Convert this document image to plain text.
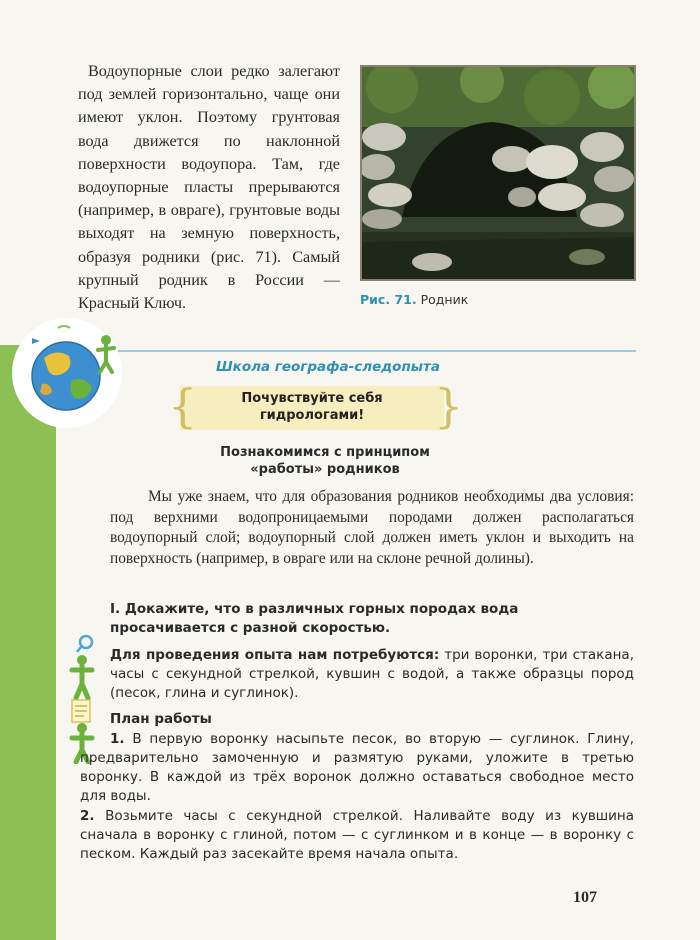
Водоупорные слои редко залегают под землей горизонтально, чаще они имеют уклон. Поэтому грунтовая вода движется по наклонной поверхности водоупора. Там, где водоупорные пласты прерываются (например, в овраге), грунтовые воды выходят на земную поверхность, образуя родники (рис. 71). Самый крупный родник в России — Красный Ключ.	Рис. 71. Родник
Школа географа-следопыта
{	}
Почувствуйте себя
гидрологами!
Познакомимся с принципом
«работы» родников

Мы уже знаем, что для образования родников необходимы два условия: под верхними водопроницаемыми породами должен располагаться водоупорный слой; водоупорный слой должен иметь уклон и выходить на поверхность (например, в овраге или на склоне речной долины).

I. Докажите, что в различных горных породах вода просачивается с разной скоростью.
Для проведения опыта нам потребуются: три воронки, три стакана, часы с секундной стрелкой, кувшин с водой, а также образцы пород (песок, глина и суглинок).
План работы
1. В первую воронку насыпьте песок, во вторую — суглинок. Глину, предварительно замоченную и размятую руками, уложите в третью воронку. В каждой из трёх воронок должно оставаться свободное место для воды.
2. Возьмите часы с секундной стрелкой. Наливайте воду из кувшина сначала в воронку с глиной, потом — с суглинком и в конце — в воронку с песком. Каждый раз засекайте время начала опыта.
107
